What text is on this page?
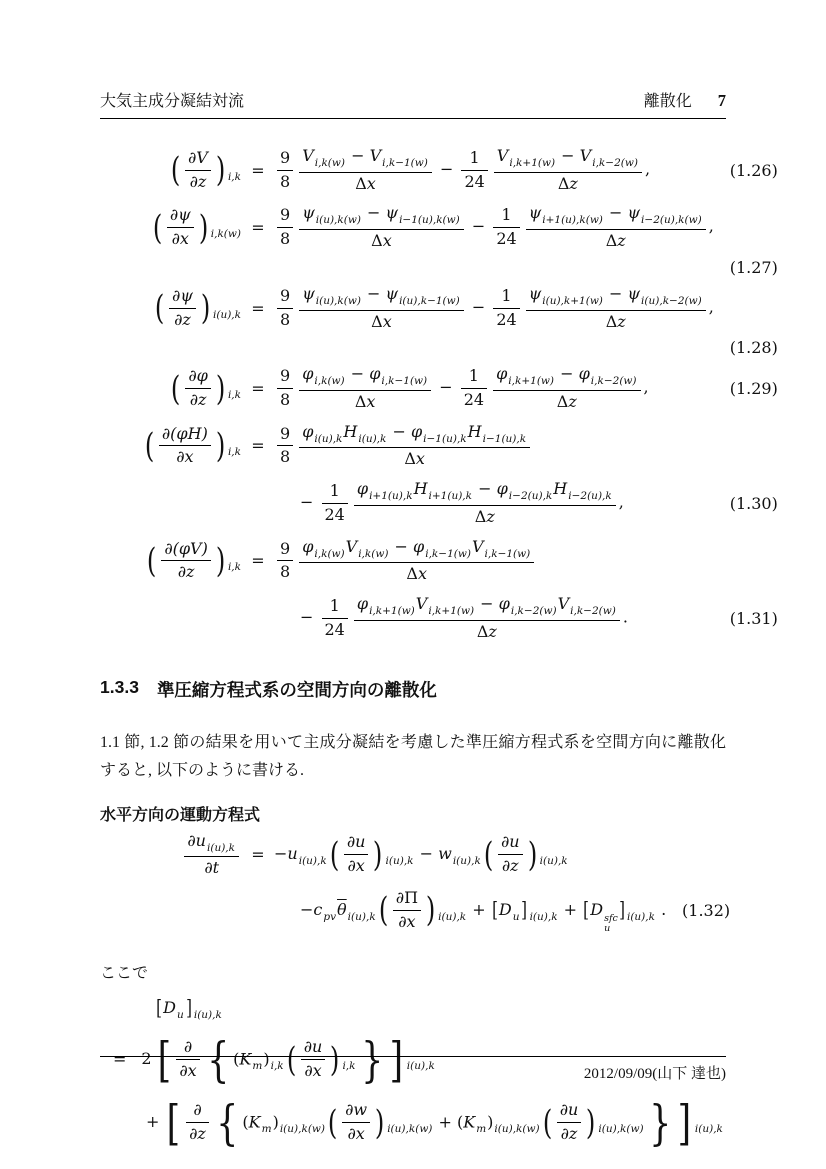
大気主成分凝結対流	離散化 7
( $\frac{\partial V}{\partial z}$ ) $_{i,k} = \frac{9}{8} \frac{V_{i,k(w)} - V_{i,k-1(w)}}{\Delta x} - \frac{1}{24} \frac{V_{i,k+1(w)} - V_{i,k-2(w)}}{\Delta z}$ ,	(1.26)
( $\frac{\partial\psi}{\partial x}$ ) $_{i,k(w)} = \frac{9}{8} \frac{\psi_{i(u),k(w)} - \psi_{i-1(u),k(w)}}{\Delta x} - \frac{1}{24} \frac{\psi_{i+1(u),k(w)} - \psi_{i-2(u),k(w)}}{\Delta z}$ ,
(1.27)
( $\frac{\partial\psi}{\partial z}$ ) $_{i(u),k} = \frac{9}{8} \frac{\psi_{i(u),k(w)} - \psi_{i(u),k-1(w)}}{\Delta x} - \frac{1}{24} \frac{\psi_{i(u),k+1(w)} - \psi_{i(u),k-2(w)}}{\Delta z}$ ,
(1.28)
( $\frac{\partial\varphi}{\partial z}$ ) $_{i,k} = \frac{9}{8} \frac{\varphi_{i,k(w)} - \varphi_{i,k-1(w)}}{\Delta x} - \frac{1}{24} \frac{\varphi_{i,k+1(w)} - \varphi_{i,k-2(w)}}{\Delta z}$ ,	(1.29)
( $\frac{\partial(\varphi H)}{\partial x}$ ) $_{i,k} = \frac{9}{8} \varphi_{i(u),k}H_{i(u),k} - \varphi_{i-1(u),k}H_{i-1(u),k}$
Δx
− $\frac{1}{24} \varphi_{i+1(u),k}H_{i+1(u),k} - \varphi_{i-2(u),k}H_{i-2(u),k}$
Δz
,	(1.30)
( $\frac{\partial(\varphi V)}{\partial z}$ ) $_{i,k} = \frac{9}{8} \frac{\varphi_{i,k(w)}V_{i,k(w)} - \varphi_{i,k-1(w)}V_{i,k-1(w)}}{\Delta x}$
− $\frac{1}{24} \frac{\varphi_{i,k+1(w)}V_{i,k+1(w)} - \varphi_{i,k-2(w)}V_{i,k-2(w)}}{\Delta z}$ .	(1.31)
1.3.3 準圧縮方程式系の空間方向の離散化

1.1 節, 1.2 節の結果を用いて主成分凝結を考慮した準圧縮方程式系を空間方向に離散化すると, 以下のように書ける.

水平方向の運動方程式
$\frac{\partial u_{i(u),k}}{\partial t} = -u_{i(u),k}( \frac{\partial u}{\partial x}$ ) $_{i(u),k} - w_{i(u),k}( \frac{\partial u}{\partial z}$ ) $_{i(u),k}$
$-c_{pv}\overline{\theta}_{i(u),k}( \frac{\partial\Pi}{\partial x}$ ) $_{i(u),k} + [D_u$ ] $_{i(u),k}$ + [D sfc
u
] $_{i(u),k}$ . (1.32)
ここで
[$D_u$ ] $_{i(u),k}$
= 2 [ ∂
∂x { $(K_m)_{i,k}( \frac{\partial u}{\partial x}$ ) $_{i,k}$ } ] $_{i(u),k}$
+ [ ∂
∂z { $(K_m)_{i(u),k(w)}( \frac{\partial w}{\partial x}$ ) $_{i(u),k(w)} + (K_m)_{i(u),k(w)}( \frac{\partial u}{\partial z}$ ) $_{i(u),k(w)}$ } ] $_{i(u),k}$
2012/09/09(山下 達也)
